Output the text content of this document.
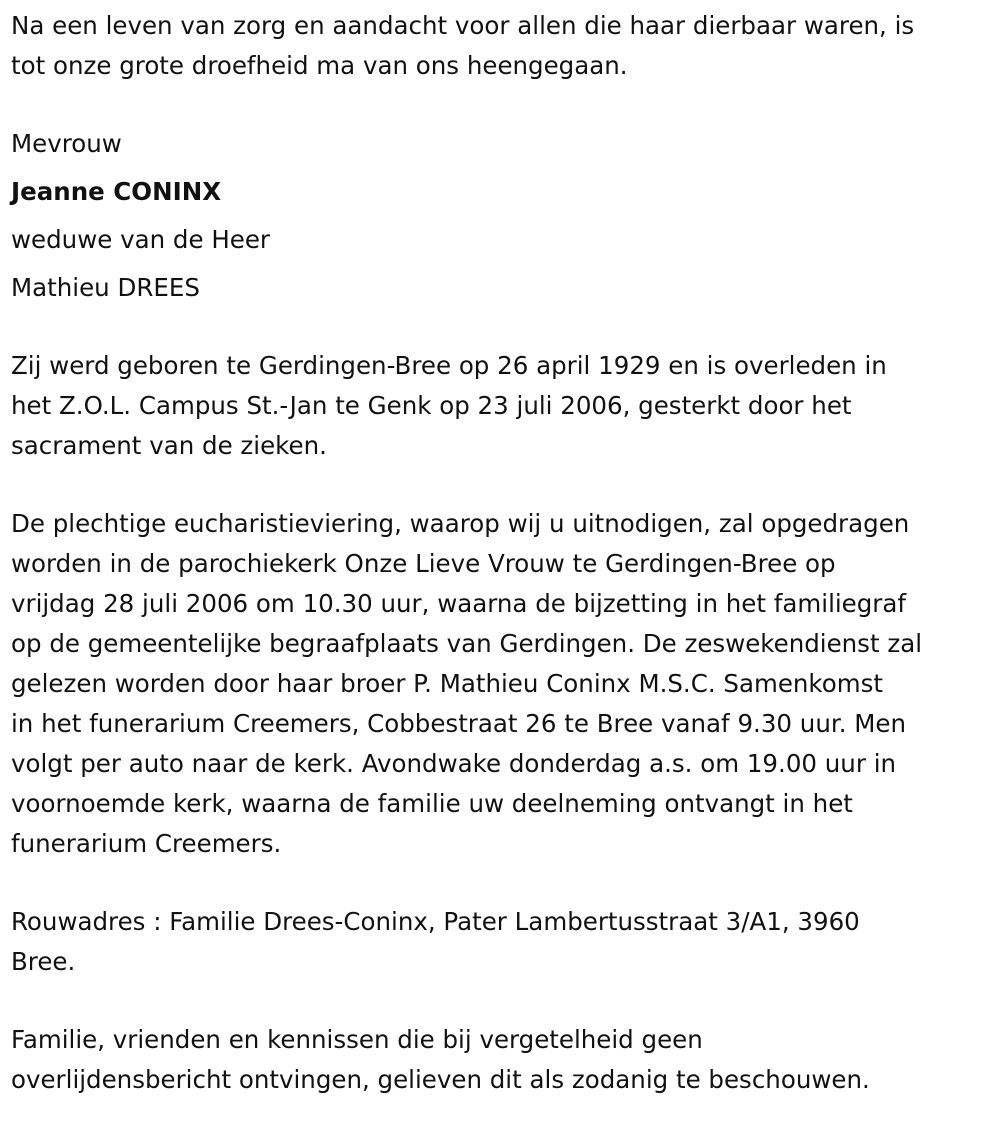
Na een leven van zorg en aandacht voor allen die haar dierbaar waren, is
tot onze grote droefheid ma van ons heengegaan.

Mevrouw

Jeanne CONINX

weduwe van de Heer

Mathieu DREES

Zij werd geboren te Gerdingen-Bree op 26 april 1929 en is overleden in
het Z.O.L. Campus St.-Jan te Genk op 23 juli 2006, gesterkt door het
sacrament van de zieken.

De plechtige eucharistieviering, waarop wij u uitnodigen, zal opgedragen
worden in de parochiekerk Onze Lieve Vrouw te Gerdingen-Bree op
vrijdag 28 juli 2006 om 10.30 uur, waarna de bijzetting in het familiegraf
op de gemeentelijke begraafplaats van Gerdingen. De zeswekendienst zal
gelezen worden door haar broer P. Mathieu Coninx M.S.C. Samenkomst
in het funerarium Creemers, Cobbestraat 26 te Bree vanaf 9.30 uur. Men
volgt per auto naar de kerk. Avondwake donderdag a.s. om 19.00 uur in
voornoemde kerk, waarna de familie uw deelneming ontvangt in het
funerarium Creemers.

Rouwadres : Familie Drees-Coninx, Pater Lambertusstraat 3/A1, 3960
Bree.

Familie, vrienden en kennissen die bij vergetelheid geen
overlijdensbericht ontvingen, gelieven dit als zodanig te beschouwen.
